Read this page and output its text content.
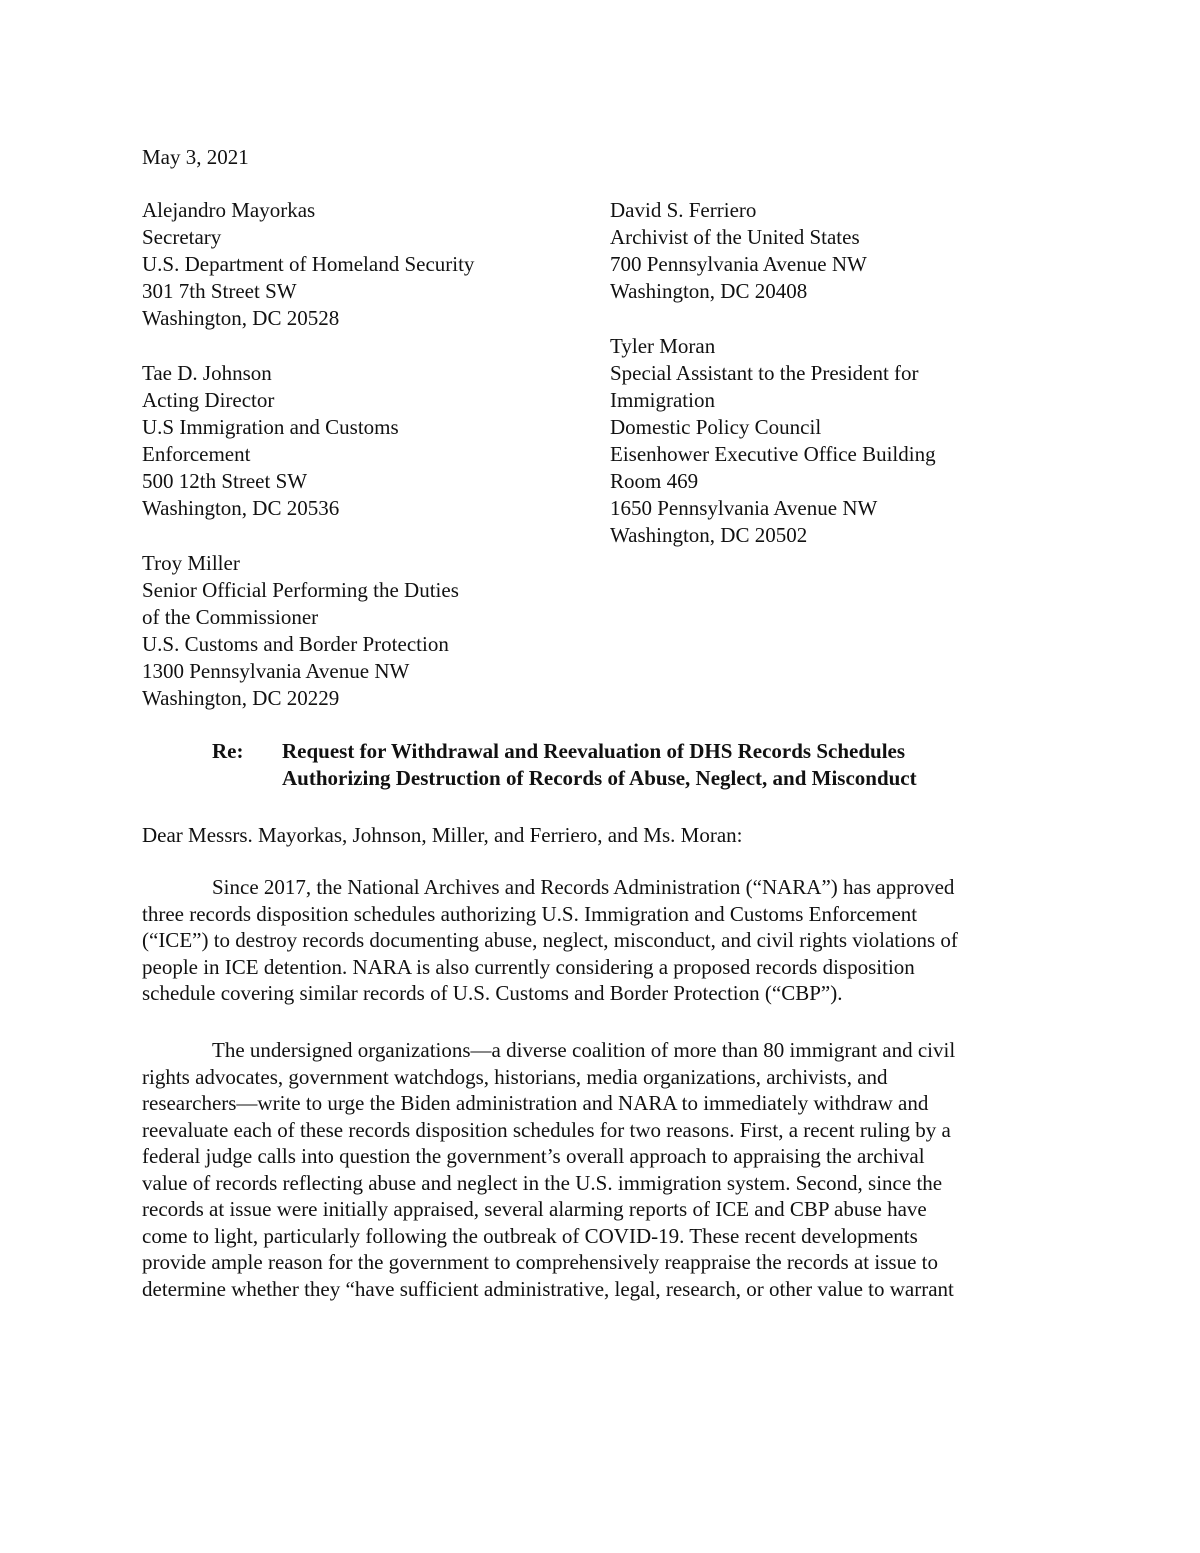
May 3, 2021
Alejandro Mayorkas
Secretary
U.S. Department of Homeland Security
301 7th Street SW
Washington, DC 20528
Tae D. Johnson
Acting Director
U.S Immigration and Customs
Enforcement
500 12th Street SW
Washington, DC 20536
Troy Miller
Senior Official Performing the Duties
of the Commissioner
U.S. Customs and Border Protection
1300 Pennsylvania Avenue NW
Washington, DC 20229
David S. Ferriero
Archivist of the United States
700 Pennsylvania Avenue NW
Washington, DC 20408
Tyler Moran
Special Assistant to the President for
Immigration
Domestic Policy Council
Eisenhower Executive Office Building
Room 469
1650 Pennsylvania Avenue NW
Washington, DC 20502
Re: Request for Withdrawal and Reevaluation of DHS Records Schedules
Authorizing Destruction of Records of Abuse, Neglect, and Misconduct
Dear Messrs. Mayorkas, Johnson, Miller, and Ferriero, and Ms. Moran:
Since 2017, the National Archives and Records Administration (“NARA”) has approved
three records disposition schedules authorizing U.S. Immigration and Customs Enforcement
(“ICE”) to destroy records documenting abuse, neglect, misconduct, and civil rights violations of
people in ICE detention. NARA is also currently considering a proposed records disposition
schedule covering similar records of U.S. Customs and Border Protection (“CBP”).
The undersigned organizations—a diverse coalition of more than 80 immigrant and civil
rights advocates, government watchdogs, historians, media organizations, archivists, and
researchers—write to urge the Biden administration and NARA to immediately withdraw and
reevaluate each of these records disposition schedules for two reasons. First, a recent ruling by a
federal judge calls into question the government’s overall approach to appraising the archival
value of records reflecting abuse and neglect in the U.S. immigration system. Second, since the
records at issue were initially appraised, several alarming reports of ICE and CBP abuse have
come to light, particularly following the outbreak of COVID-19. These recent developments
provide ample reason for the government to comprehensively reappraise the records at issue to
determine whether they “have sufficient administrative, legal, research, or other value to warrant
